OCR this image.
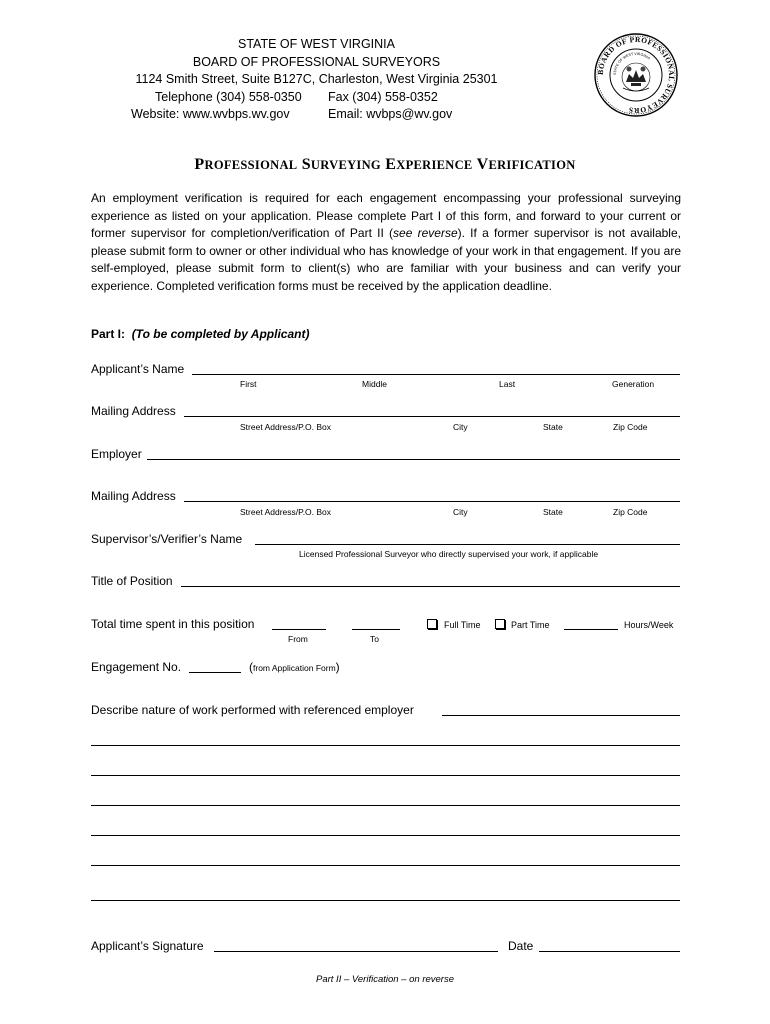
STATE OF WEST VIRGINIA
BOARD OF PROFESSIONAL SURVEYORS
1124 Smith Street, Suite B127C, Charleston, West Virginia 25301
Telephone (304) 558-0350 Fax (304) 558-0352
Website: www.wvbps.wv.gov	Email: wvbps@wv.gov
BOARD OF PROFESSIONAL SURVEYORS
STATE OF WEST VIRGINIA
PROFESSIONAL SURVEYING EXPERIENCE VERIFICATION
An employment verification is required for each engagement encompassing your professional surveying experience as listed on your application. Please complete Part I of this form, and forward to your current or former supervisor for completion/verification of Part II (see reverse). If a former supervisor is not available, please submit form to owner or other individual who has knowledge of your work in that engagement. If you are self-employed, please submit form to client(s) who are familiar with your business and can verify your experience. Completed verification forms must be received by the application deadline.
Part I: (To be completed by Applicant)
Applicant’s Name
First	Middle	Last	Generation
Mailing Address
Street Address/P.O. Box	City	State	Zip Code
Employer
Mailing Address
Street Address/P.O. Box	City	State	Zip Code
Supervisor’s/Verifier’s Name
Licensed Professional Surveyor who directly supervised your work, if applicable
Title of Position
Total time spent in this position
From	To
Full Time	Part Time	Hours/Week
Engagement No.	(from Application Form)
Describe nature of work performed with referenced employer
Applicant’s Signature	Date
Part II – Verification – on reverse
